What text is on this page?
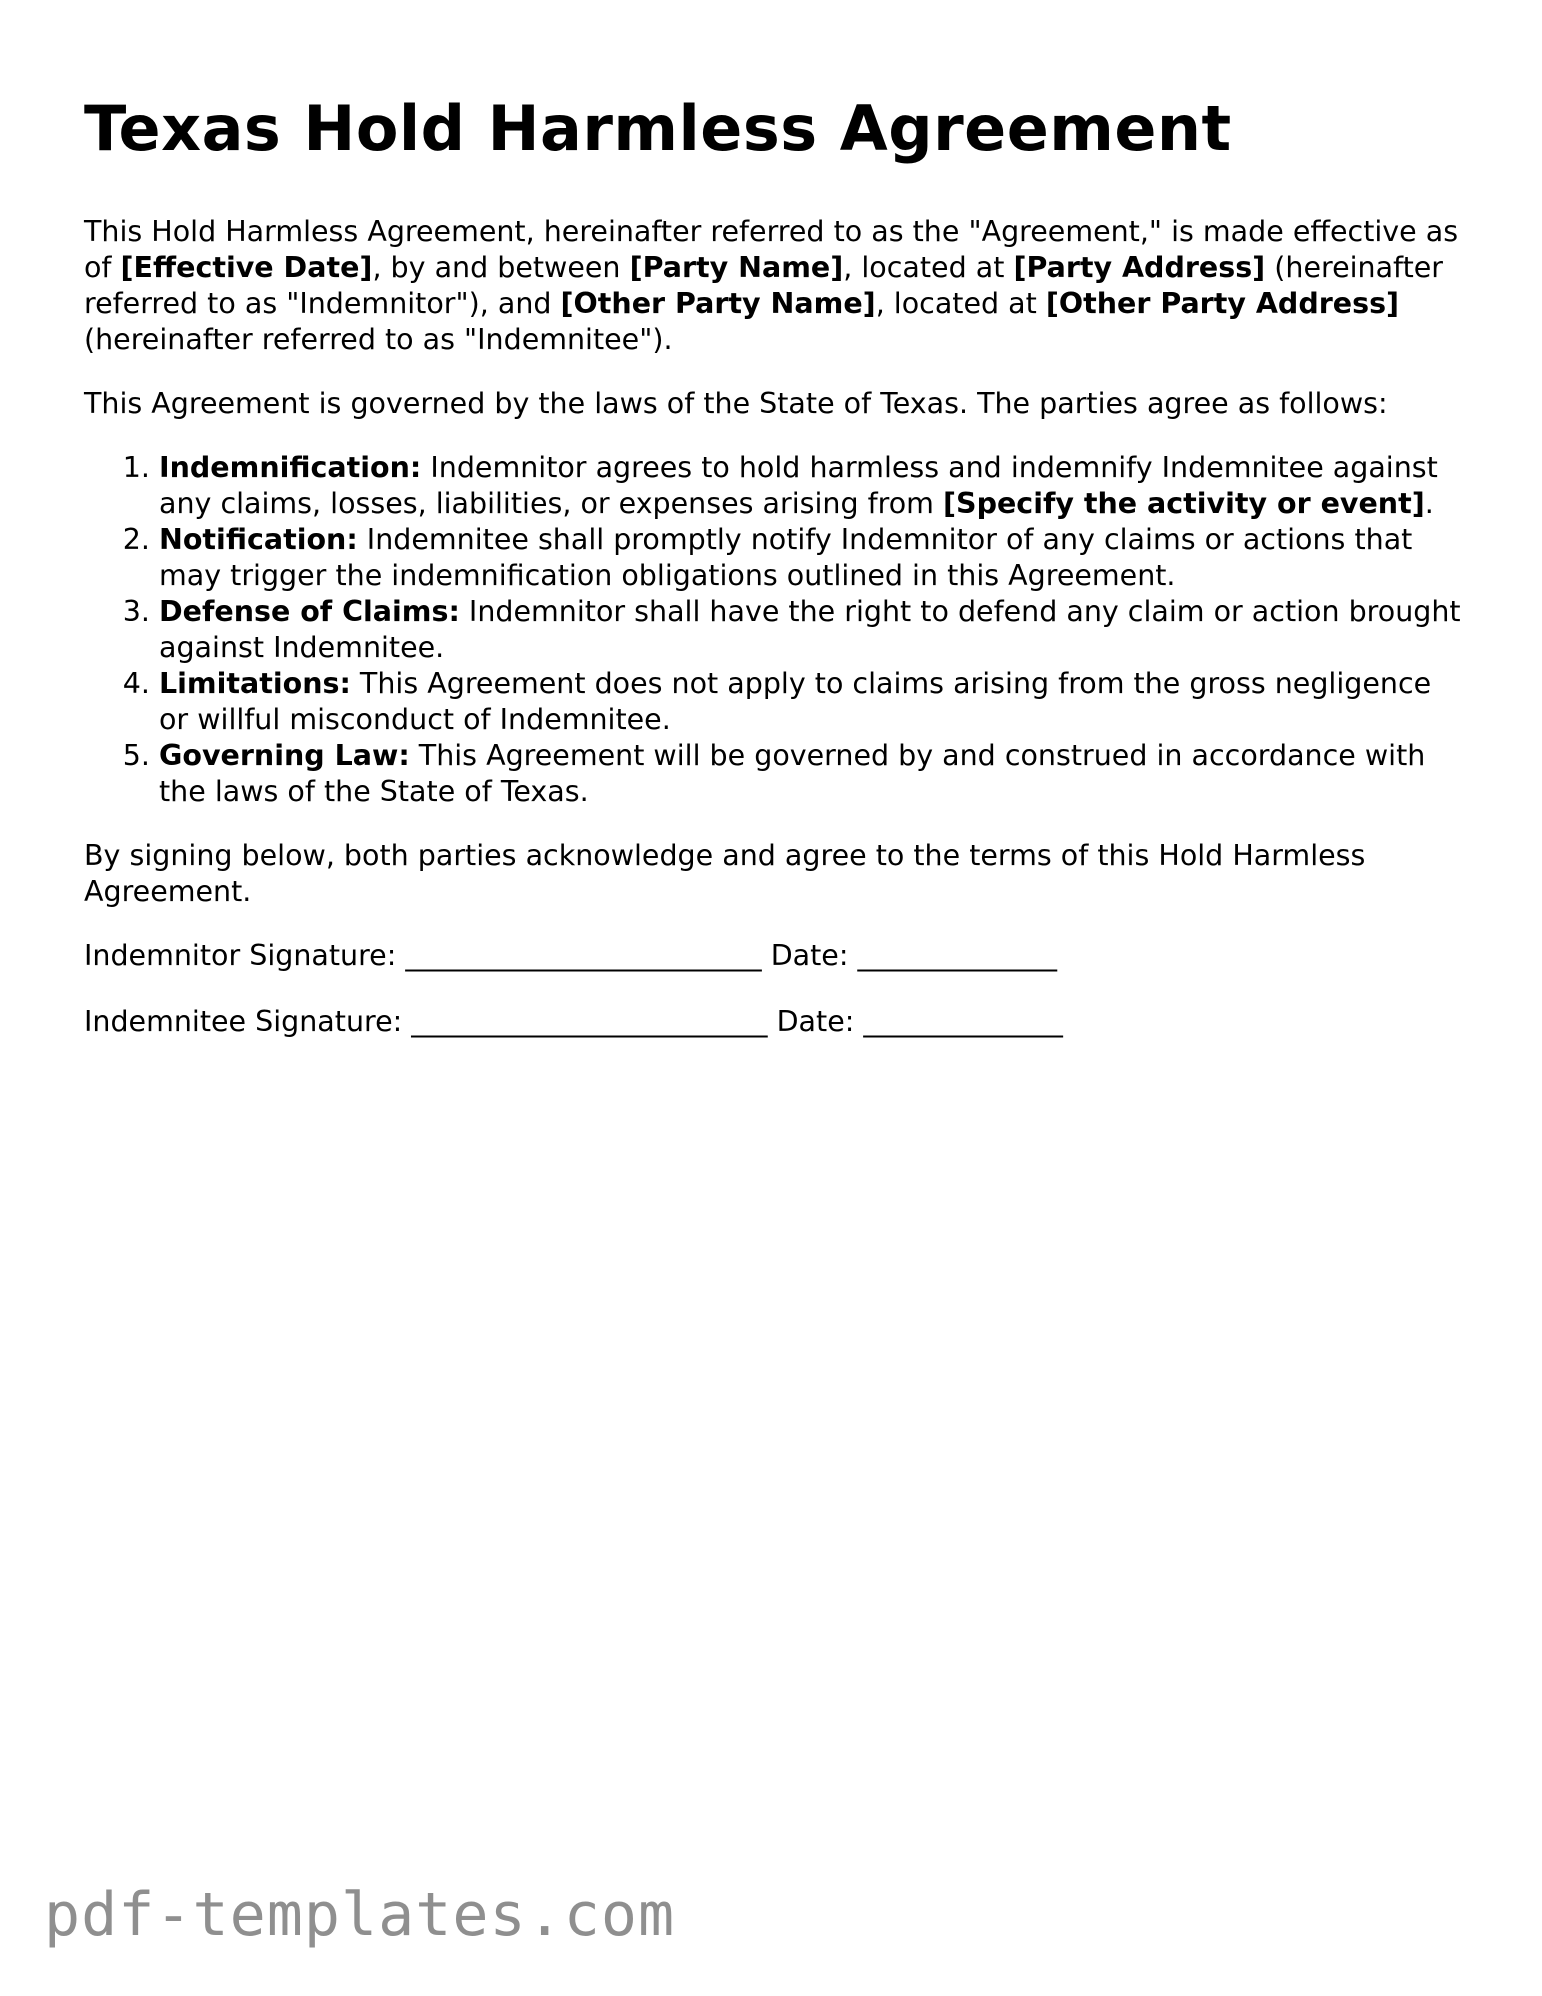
Texas Hold Harmless Agreement

This Hold Harmless Agreement, hereinafter referred to as the "Agreement," is made effective as of [Effective Date], by and between [Party Name], located at [Party Address] (hereinafter referred to as "Indemnitor"), and [Other Party Name], located at [Other Party Address] (hereinafter referred to as "Indemnitee").

This Agreement is governed by the laws of the State of Texas. The parties agree as follows:

1. Indemnification: Indemnitor agrees to hold harmless and indemnify Indemnitee against any claims, losses, liabilities, or expenses arising from [Specify the activity or event].
2. Notification: Indemnitee shall promptly notify Indemnitor of any claims or actions that may trigger the indemnification obligations outlined in this Agreement.
3. Defense of Claims: Indemnitor shall have the right to defend any claim or action brought against Indemnitee.
4. Limitations: This Agreement does not apply to claims arising from the gross negligence or willful misconduct of Indemnitee.
5. Governing Law: This Agreement will be governed by and construed in accordance with the laws of the State of Texas.

By signing below, both parties acknowledge and agree to the terms of this Hold Harmless Agreement.

Indemnitor Signature: _________________________ Date: ______________

Indemnitee Signature: _________________________ Date: ______________

pdf-templates.com
